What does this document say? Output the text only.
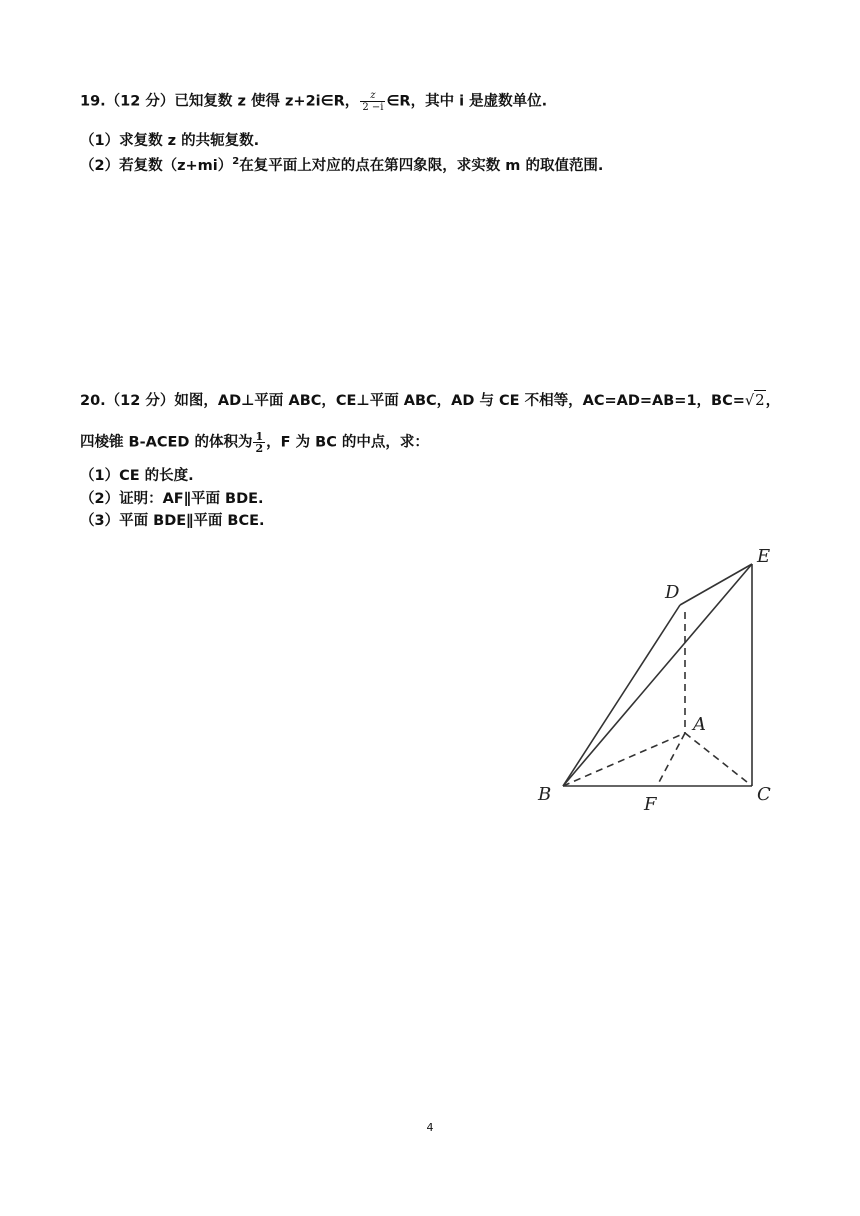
19.（12 分）已知复数 z 使得 z+2i∈R， $\frac{z}{2 -i}$ ∈R，其中 i 是虚数单位.
（1）求复数 z 的共轭复数.
（2）若复数$(z+mi)^2$在复平面上对应的点在第四象限，求实数 m 的取值范围.
20.（12 分）如图，AD⊥平面 ABC，CE⊥平面 ABC，AD 与 CE 不相等，AC=AD=AB=1，BC=√2，
四棱锥 B-ACED 的体积为 $\frac{1}{2}$ ，F 为 BC 的中点，求：
（1）CE 的长度.
（2）证明：AF∥平面 BDE.
（3）平面 BDE∥平面 BCE.
D
E
A
B	C
F
4
